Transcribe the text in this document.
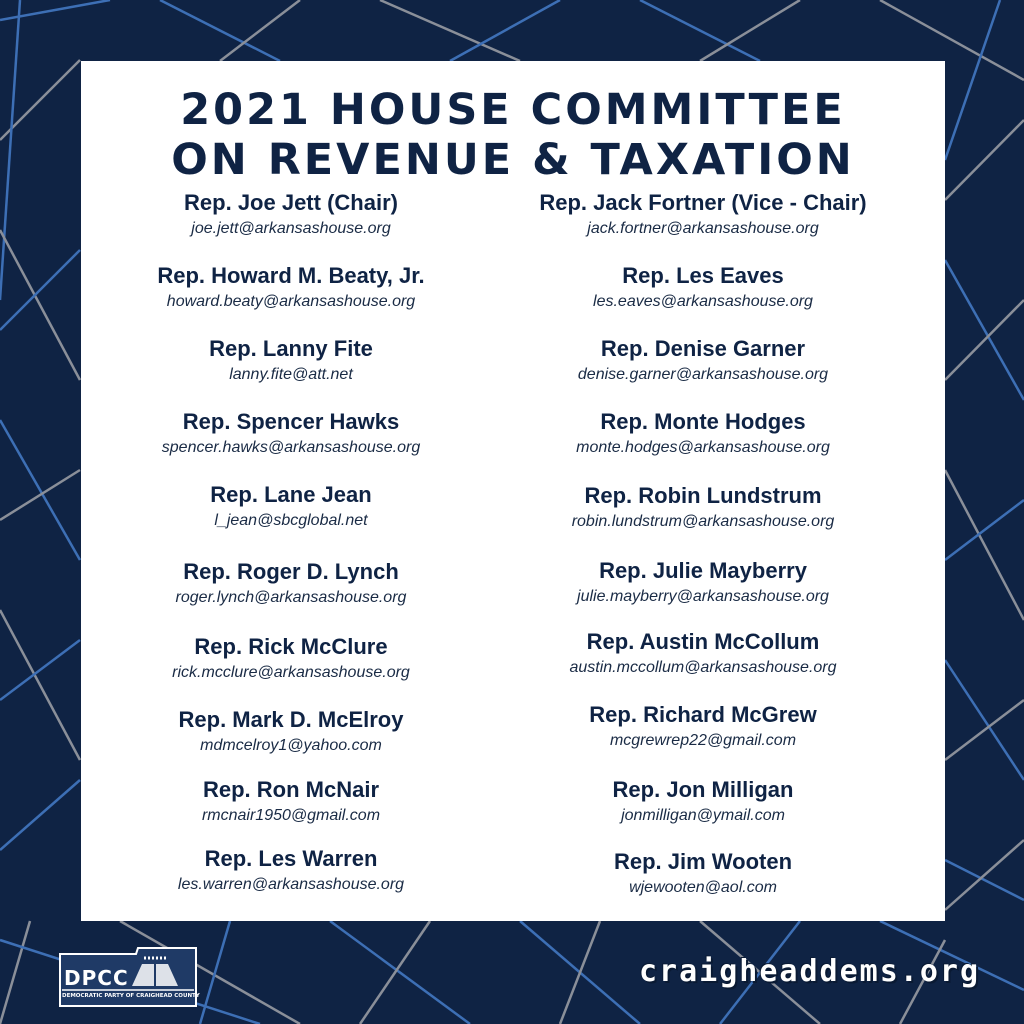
2021 HOUSE COMMITTEE
ON REVENUE & TAXATION
Rep. Joe Jett (Chair)
joe.jett@arkansashouse.org
Rep. Howard M. Beaty, Jr.
howard.beaty@arkansashouse.org
Rep. Lanny Fite
lanny.fite@att.net
Rep. Spencer Hawks
spencer.hawks@arkansashouse.org
Rep. Lane Jean
l_jean@sbcglobal.net
Rep. Roger D. Lynch
roger.lynch@arkansashouse.org
Rep. Rick McClure
rick.mcclure@arkansashouse.org
Rep. Mark D. McElroy
mdmcelroy1@yahoo.com
Rep. Ron McNair
rmcnair1950@gmail.com
Rep. Les Warren
les.warren@arkansashouse.org
Rep. Jack Fortner (Vice - Chair)
jack.fortner@arkansashouse.org
Rep. Les Eaves
les.eaves@arkansashouse.org
Rep. Denise Garner
denise.garner@arkansashouse.org
Rep. Monte Hodges
monte.hodges@arkansashouse.org
Rep. Robin Lundstrum
robin.lundstrum@arkansashouse.org
Rep. Julie Mayberry
julie.mayberry@arkansashouse.org
Rep. Austin McCollum
austin.mccollum@arkansashouse.org
Rep. Richard McGrew
mcgrewrep22@gmail.com
Rep. Jon Milligan
jonmilligan@ymail.com
Rep. Jim Wooten
wjewooten@aol.com
DPCC
DEMOCRATIC PARTY OF CRAIGHEAD COUNTY
craigheaddems.org
